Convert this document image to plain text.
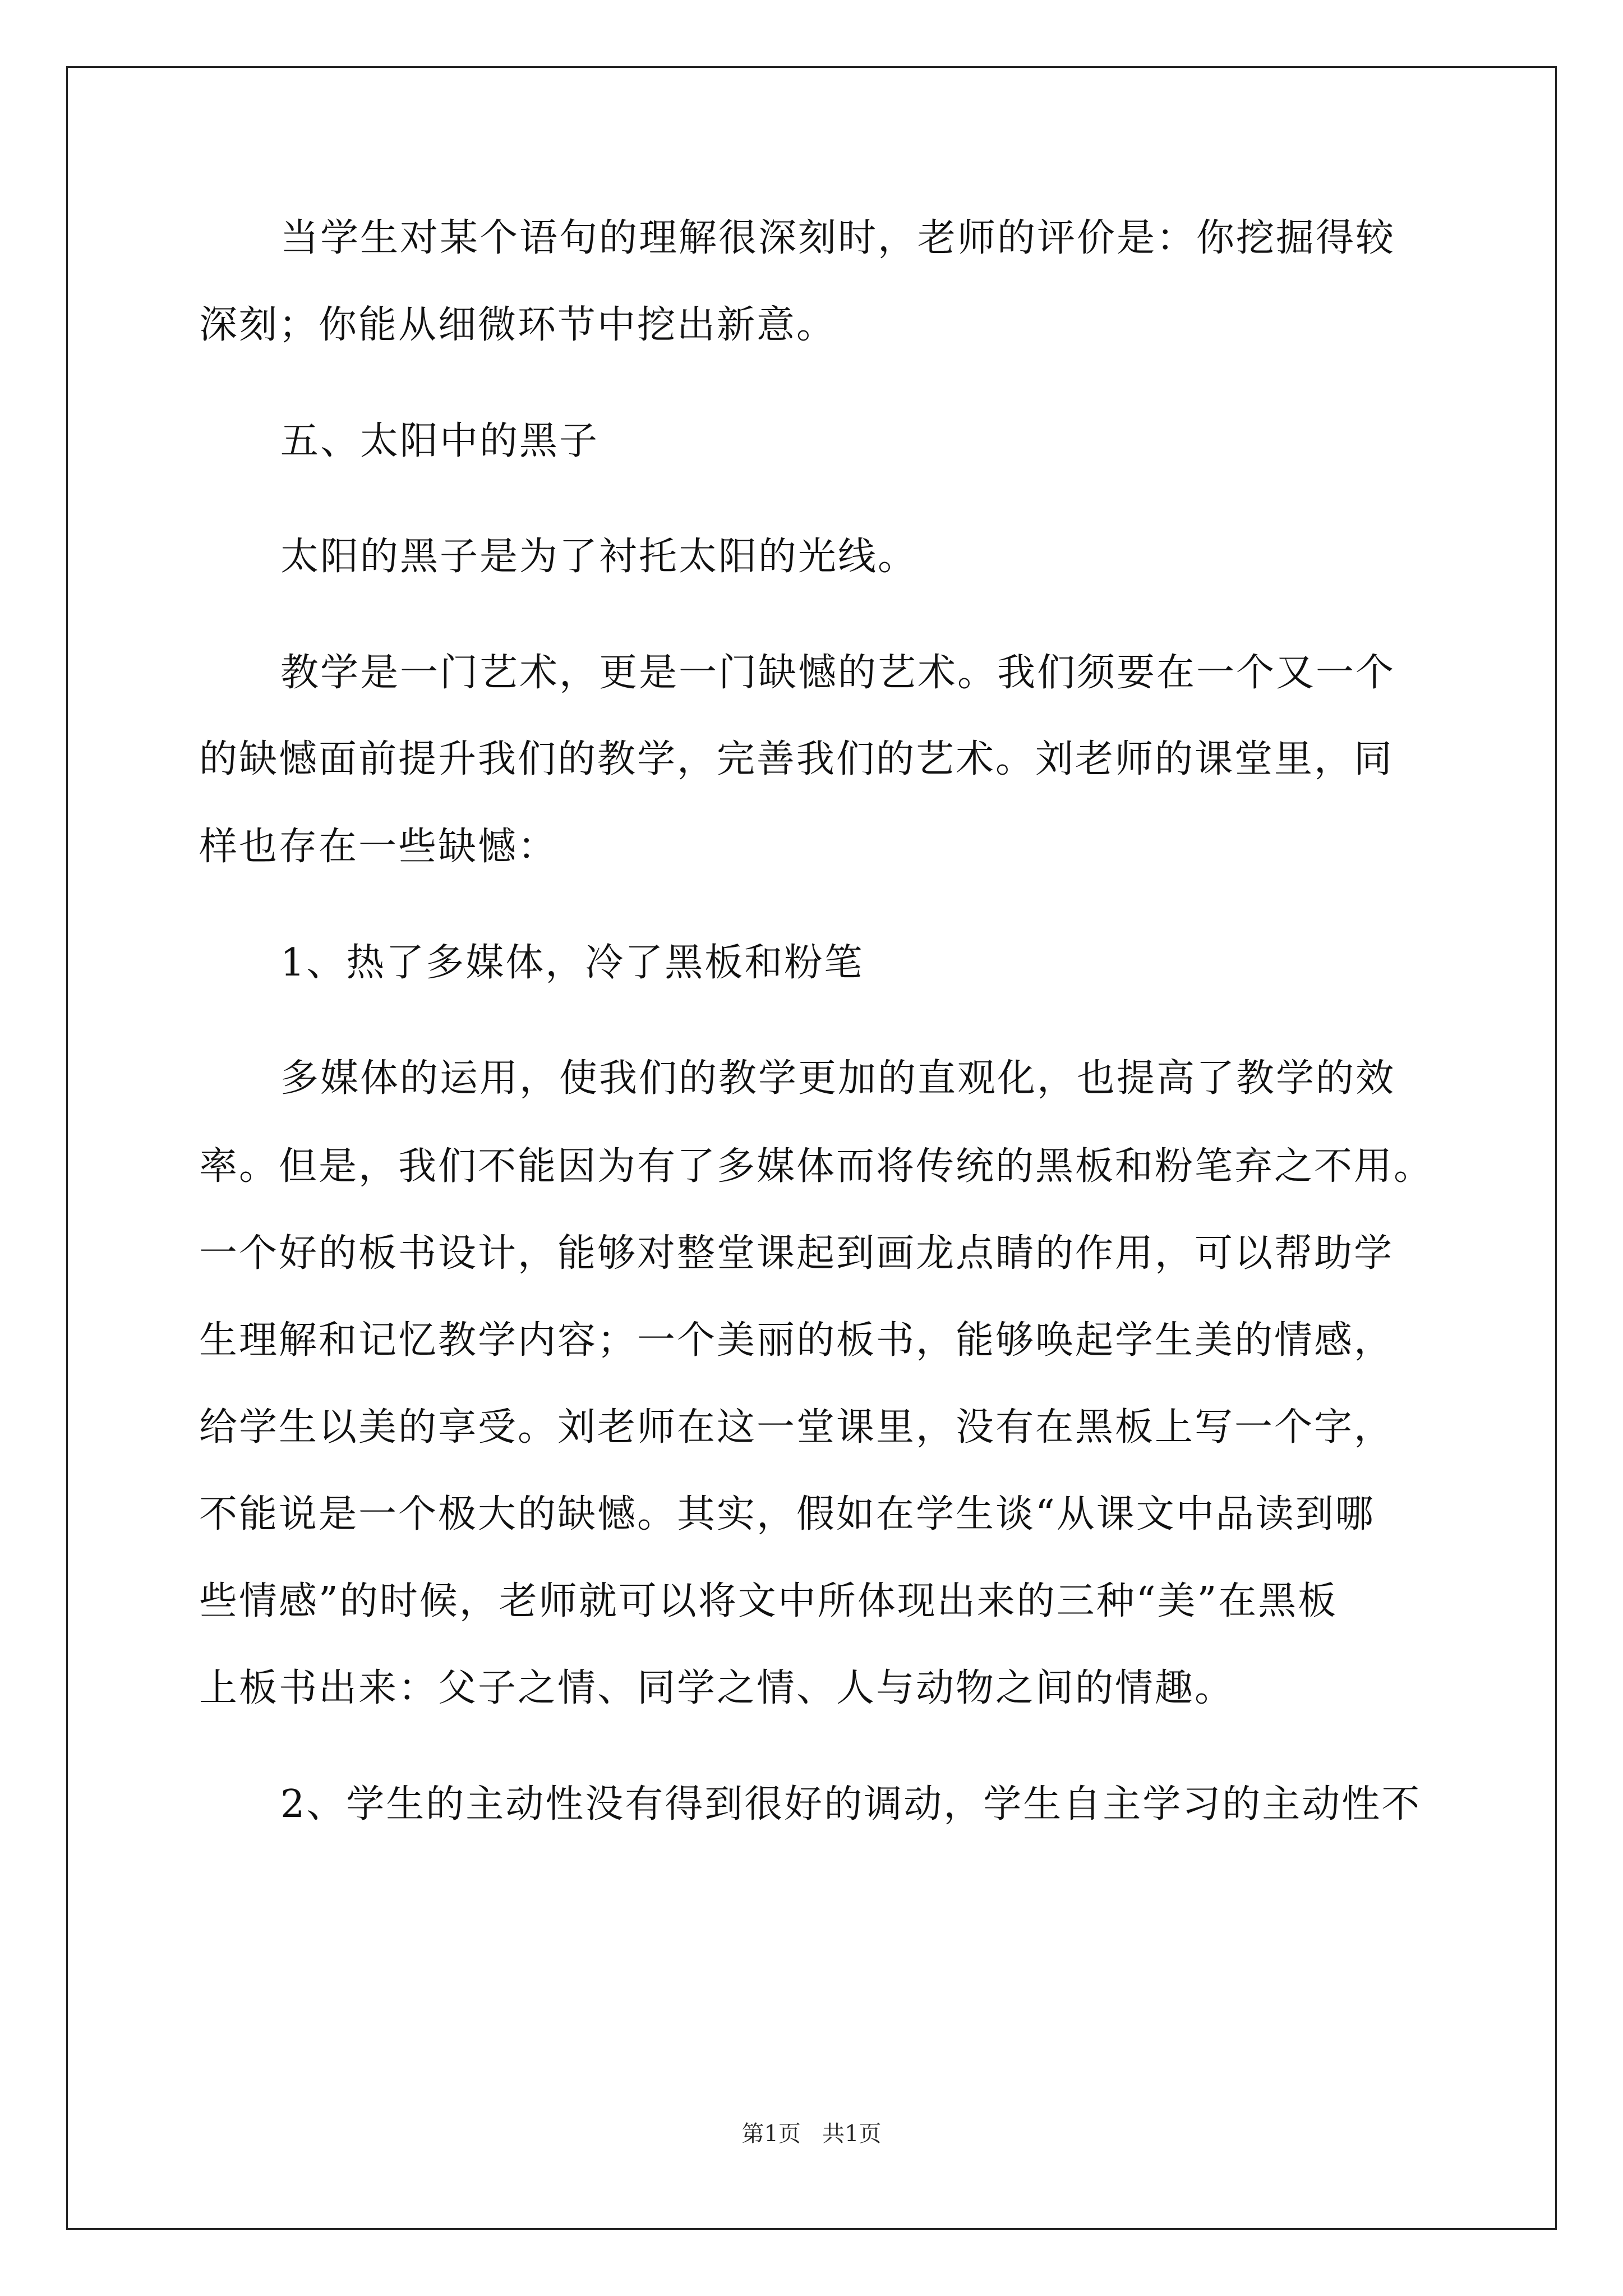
当学生对某个语句的理解很深刻时，老师的评价是：你挖掘得较
深刻；你能从细微环节中挖出新意。
五、太阳中的黑子
太阳的黑子是为了衬托太阳的光线。
教学是一门艺术，更是一门缺憾的艺术。我们须要在一个又一个
的缺憾面前提升我们的教学，完善我们的艺术。刘老师的课堂里，同
样也存在一些缺憾：
1、热了多媒体，冷了黑板和粉笔
多媒体的运用，使我们的教学更加的直观化，也提高了教学的效
率。但是，我们不能因为有了多媒体而将传统的黑板和粉笔弃之不用。
一个好的板书设计，能够对整堂课起到画龙点睛的作用，可以帮助学
生理解和记忆教学内容；一个美丽的板书，能够唤起学生美的情感，
给学生以美的享受。刘老师在这一堂课里，没有在黑板上写一个字，
不能说是一个极大的缺憾。其实，假如在学生谈“从课文中品读到哪
些情感”的时候，老师就可以将文中所体现出来的三种“美”在黑板
上板书出来：父子之情、同学之情、人与动物之间的情趣。
2、学生的主动性没有得到很好的调动，学生自主学习的主动性不
第1页   共1页
